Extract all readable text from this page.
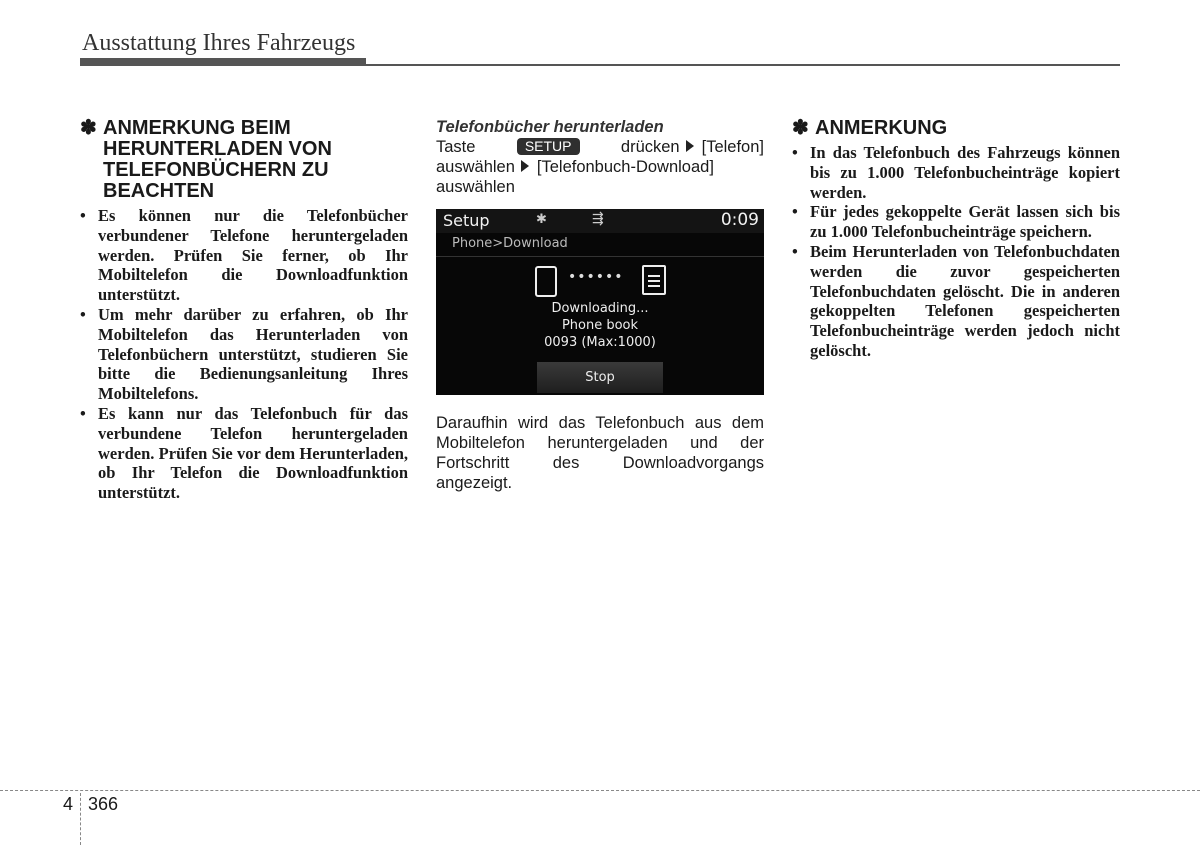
Ausstattung Ihres Fahrzeugs
✽ ANMERKUNG BEIM HERUNTERLADEN VON TELEFONBÜCHERN ZU BEACHTEN
• Es können nur die Telefonbücher verbundener Telefone heruntergeladen werden. Prüfen Sie ferner, ob Ihr Mobiltelefon die Downloadfunktion unterstützt.
• Um mehr darüber zu erfahren, ob Ihr Mobiltelefon das Herunterladen von Telefonbüchern unterstützt, studieren Sie bitte die Bedienungsanleitung Ihres Mobiltelefons.
• Es kann nur das Telefonbuch für das verbundene Telefon heruntergeladen werden. Prüfen Sie vor dem Herunterladen, ob Ihr Telefon die Downloadfunktion unterstützt.
Telefonbücher herunterladen
Taste	SETUP	drücken [Telefon] auswählen [Telefonbuch-Download] auswählen
Setup	✱	⇶	0:09
Phone>Download
••••••
Downloading...
Phone book
0093 (Max:1000)
Stop
Daraufhin wird das Telefonbuch aus dem Mobiltelefon heruntergeladen und der Fortschritt des Downloadvorgangs angezeigt.
✽ ANMERKUNG
• In das Telefonbuch des Fahrzeugs können bis zu 1.000 Telefonbucheinträge kopiert werden.
• Für jedes gekoppelte Gerät lassen sich bis zu 1.000 Telefonbucheinträge speichern.
• Beim Herunterladen von Telefonbuchdaten werden die zuvor gespeicherten Telefonbuchdaten gelöscht. Die in anderen gekoppelten Telefonen gespeicherten Telefonbucheinträge werden jedoch nicht gelöscht.
4 366
